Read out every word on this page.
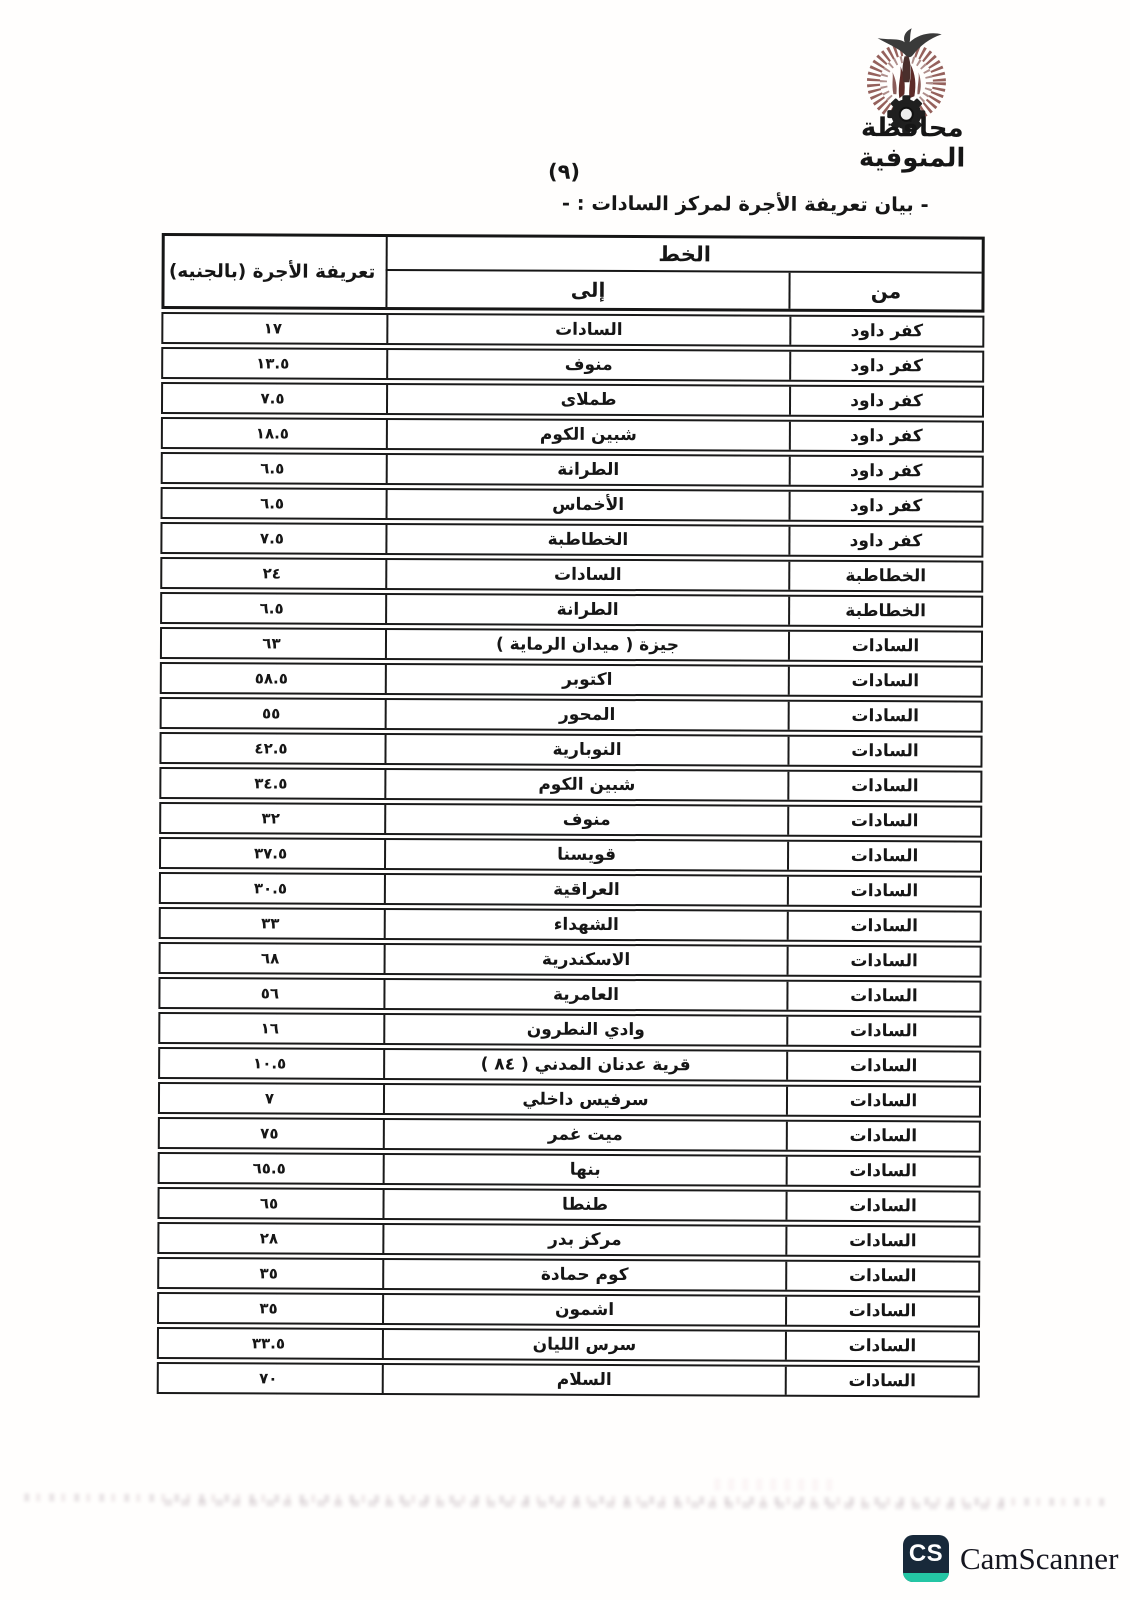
محافظة المنوفية
(٩)
- بيان تعريفة الأجرة لمركز السادات : -
الخط
تعريفة الأجرة (بالجنيه)
من
إلى
كفر داود
السادات
١٧
كفر داود
منوف
١٣.٥
كفر داود
طملاى
٧.٥
كفر داود
شبين الكوم
١٨.٥
كفر داود
الطرانة
٦.٥
كفر داود
الأخماس
٦.٥
كفر داود
الخطاطبة
٧.٥
الخطاطبة
السادات
٢٤
الخطاطبة
الطرانة
٦.٥
السادات
جيزة ( ميدان الرماية )
٦٣
السادات
اكتوبر
٥٨.٥
السادات
المحور
٥٥
السادات
النوبارية
٤٢.٥
السادات
شبين الكوم
٣٤.٥
السادات
منوف
٣٢
السادات
قويسنا
٣٧.٥
السادات
العراقية
٣٠.٥
السادات
الشهداء
٣٣
السادات
الاسكندرية
٦٨
السادات
العامرية
٥٦
السادات
وادي النطرون
١٦
السادات
قرية عدنان المدني ( ٨٤ )
١٠.٥
السادات
سرفيس داخلي
٧
السادات
ميت غمر
٧٥
السادات
بنها
٦٥.٥
السادات
طنطا
٦٥
السادات
مركز بدر
٢٨
السادات
كوم حمادة
٣٥
السادات
اشمون
٣٥
السادات
سرس الليان
٣٣.٥
السادات
السلام
٧٠
CS CamScanner
